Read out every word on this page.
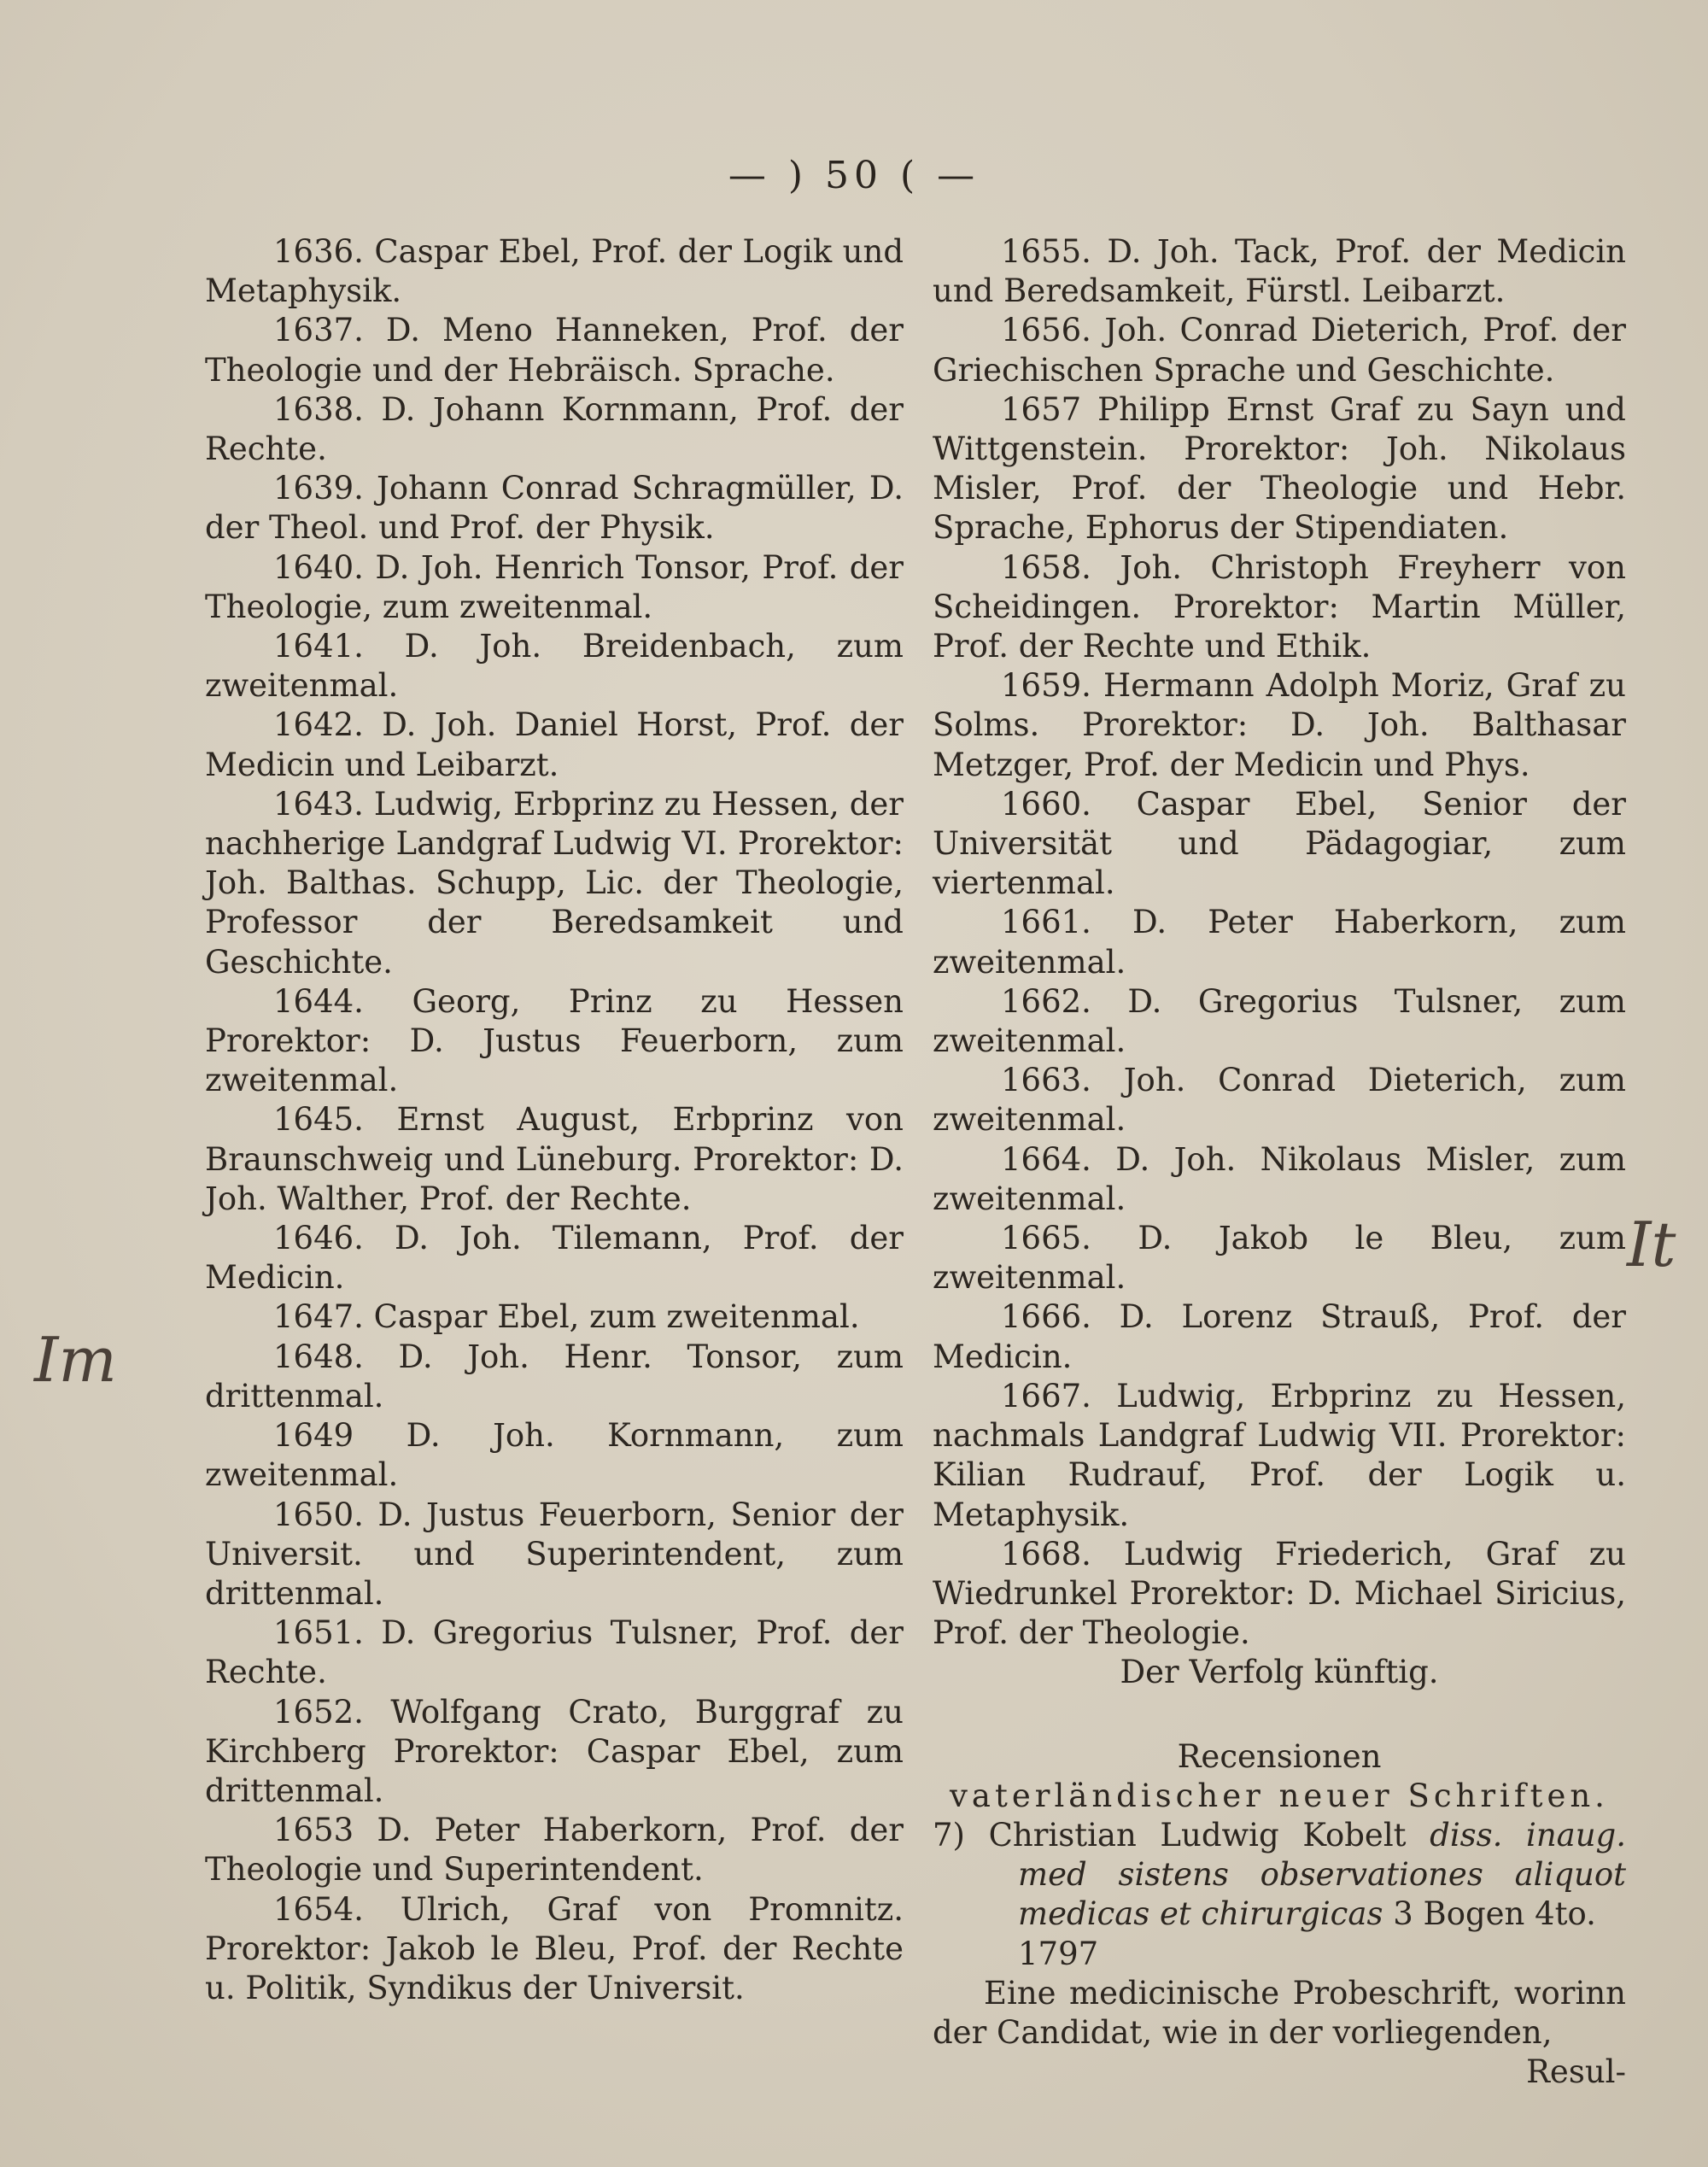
— ) 50 ( —

1636. Caspar Ebel, Prof. der Logik und Metaphysik.

1637. D. Meno Hanneken, Prof. der Theologie und der Hebräisch. Sprache.

1638. D. Johann Kornmann, Prof. der Rechte.

1639. Johann Conrad Schragmüller, D. der Theol. und Prof. der Physik.

1640. D. Joh. Henrich Tonsor, Prof. der Theologie, zum zweitenmal.

1641. D. Joh. Breidenbach, zum zweitenmal.

1642. D. Joh. Daniel Horst, Prof. der Medicin und Leibarzt.

1643. Ludwig, Erbprinz zu Hessen, der nachherige Landgraf Ludwig VI. Prorektor: Joh. Balthas. Schupp, Lic. der Theologie, Professor der Beredsamkeit und Geschichte.

1644. Georg, Prinz zu Hessen Prorektor: D. Justus Feuerborn, zum zweitenmal.

1645. Ernst August, Erbprinz von Braunschweig und Lüneburg. Prorektor: D. Joh. Walther, Prof. der Rechte.

1646. D. Joh. Tilemann, Prof. der Medicin.

1647. Caspar Ebel, zum zweitenmal.

1648. D. Joh. Henr. Tonsor, zum drittenmal.

1649 D. Joh. Kornmann, zum zweitenmal.

1650. D. Justus Feuerborn, Senior der Universit. und Superintendent, zum drittenmal.

1651. D. Gregorius Tulsner, Prof. der Rechte.

1652. Wolfgang Crato, Burggraf zu Kirchberg Prorektor: Caspar Ebel, zum drittenmal.

1653 D. Peter Haberkorn, Prof. der Theologie und Superintendent.

1654. Ulrich, Graf von Promnitz. Prorektor: Jakob le Bleu, Prof. der Rechte u. Politik, Syndikus der Universit.

1655. D. Joh. Tack, Prof. der Medicin und Beredsamkeit, Fürstl. Leibarzt.

1656. Joh. Conrad Dieterich, Prof. der Griechischen Sprache und Geschichte.

1657 Philipp Ernst Graf zu Sayn und Wittgenstein. Prorektor: Joh. Nikolaus Misler, Prof. der Theologie und Hebr. Sprache, Ephorus der Stipendiaten.

1658. Joh. Christoph Freyherr von Scheidingen. Prorektor: Martin Müller, Prof. der Rechte und Ethik.

1659. Hermann Adolph Moriz, Graf zu Solms. Prorektor: D. Joh. Balthasar Metzger, Prof. der Medicin und Phys.

1660. Caspar Ebel, Senior der Universität und Pädagogiar, zum viertenmal.

1661. D. Peter Haberkorn, zum zweitenmal.

1662. D. Gregorius Tulsner, zum zweitenmal.

1663. Joh. Conrad Dieterich, zum zweitenmal.

1664. D. Joh. Nikolaus Misler, zum zweitenmal.

1665. D. Jakob le Bleu, zum zweitenmal.

1666. D. Lorenz Strauß, Prof. der Medicin.

1667. Ludwig, Erbprinz zu Hessen, nachmals Landgraf Ludwig VII. Prorektor: Kilian Rudrauf, Prof. der Logik u. Metaphysik.

1668. Ludwig Friederich, Graf zu Wiedrunkel Prorektor: D. Michael Siricius, Prof. der Theologie.

Der Verfolg künftig.

Recensionen

vaterländischer neuer Schriften.

7) Christian Ludwig Kobelt diss. inaug. med sistens observationes aliquot medicas et chirurgicas 3 Bogen 4to.

1797

Eine medicinische Probeschrift, worinn der Candidat, wie in der vorliegenden,

Resul-

Im
It
